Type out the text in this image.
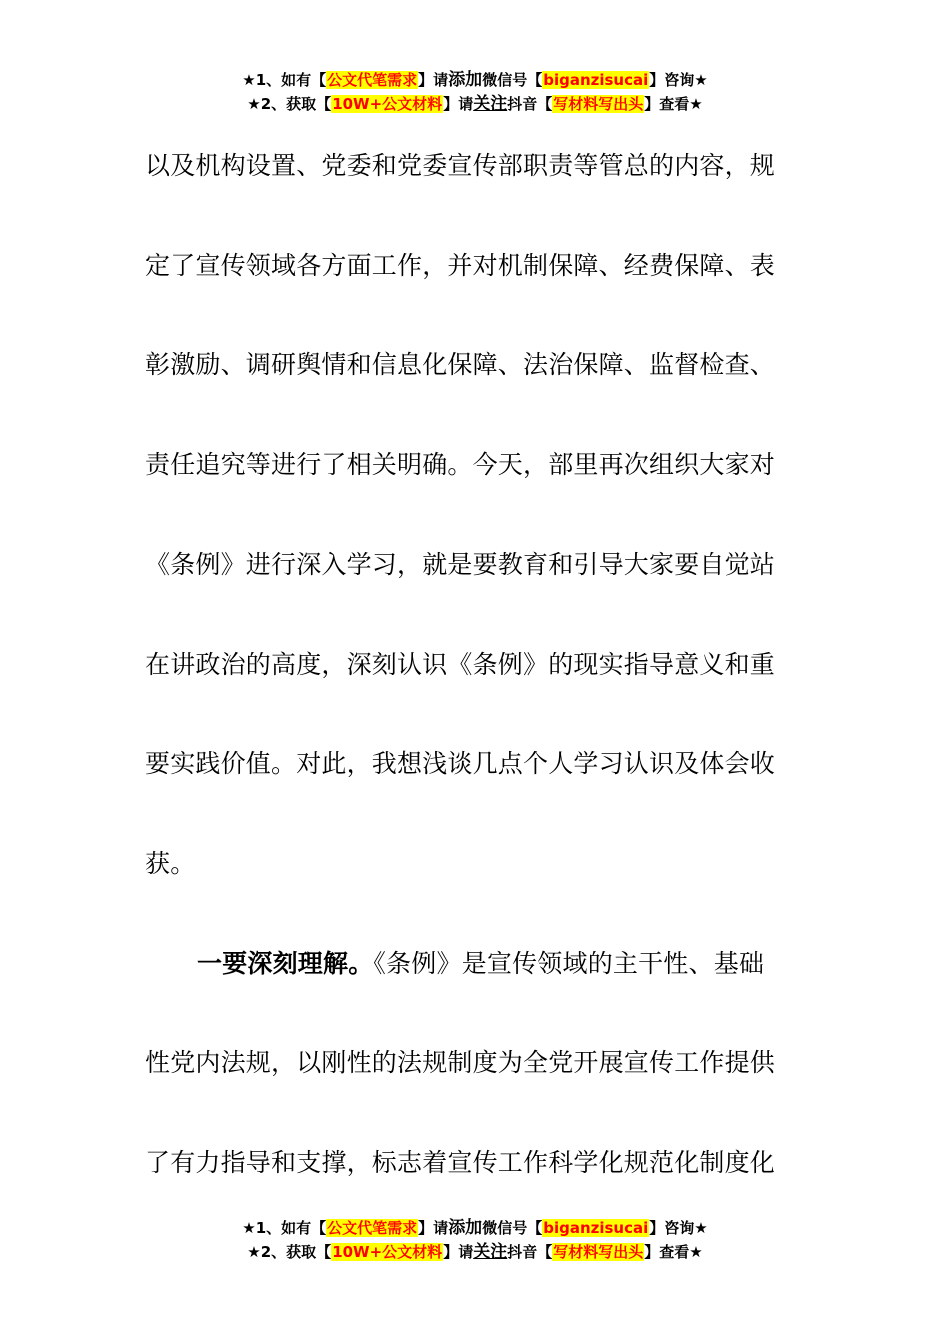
★1、如有【公文代笔需求】请添加微信号【biganzisucai】咨询★
★2、获取【10W+公文材料】请关注抖音【写材料写出头】查看★
以及机构设置、党委和党委宣传部职责等管总的内容，规
定了宣传领域各方面工作，并对机制保障、经费保障、表
彰激励、调研舆情和信息化保障、法治保障、监督检查、
责任追究等进行了相关明确。今天，部里再次组织大家对
《条例》进行深入学习，就是要教育和引导大家要自觉站
在讲政治的高度，深刻认识《条例》的现实指导意义和重
要实践价值。对此，我想浅谈几点个人学习认识及体会收
获。
一要深刻理解。《条例》是宣传领域的主干性、基础
性党内法规，以刚性的法规制度为全党开展宣传工作提供
了有力指导和支撑，标志着宣传工作科学化规范化制度化
★1、如有【公文代笔需求】请添加微信号【biganzisucai】咨询★
★2、获取【10W+公文材料】请关注抖音【写材料写出头】查看★
